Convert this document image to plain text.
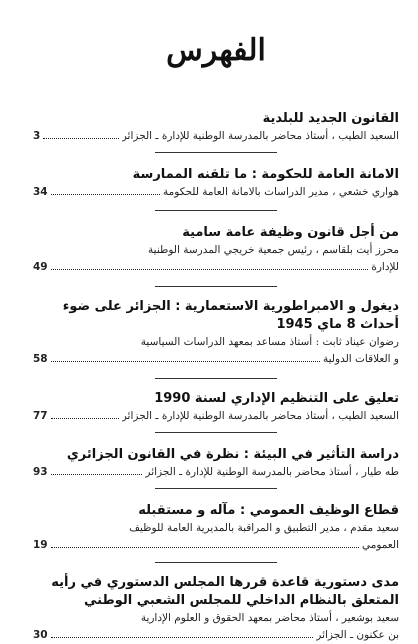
الفهرس
القانون الجديد للبلدية
السعيد الطيب ، أستاذ محاضر بالمدرسة الوطنية للإدارة ـ الجزائر
3
الامانة العامة للحكومة : ما تلقنه الممارسة
هواري خشعي ، مدير الدراسات بالامانة العامة للحكومة
34
من أجل قانون وظيفة عامة سامية
محرز أيت بلقاسم ، رئيس جمعية خريجي المدرسة الوطنية
للإدارة
49
ديغول و الامبراطورية الاستعمارية : الجزائر على ضوء
أحداث 8 ماي 1945
رضوان عيناد ثابت : أستاذ مساعد بمعهد الدراسات السياسية
و العلاقات الدولية
58
تعليق على التنظيم الإداري لسنة 1990
السعيد الطيب ، أستاذ محاضر بالمدرسة الوطنية للإدارة ـ الجزائر
77
دراسة التأثير في البيئة : نظرة في القانون الجزائري
طه طيار ، أستاذ محاضر بالمدرسة الوطنية للإدارة ـ الجزائر
93
قطاع الوظيف العمومي : مآله و مستقبله
سعيد مقدم ، مدير التطبيق و المراقبة بالمديرية العامة للوظيف
العمومي
19
مدى دستورية قاعدة قررها المجلس الدستوري في رأيه
المتعلق بالنظام الداخلي للمجلس الشعبي الوطني
سعيد بوشعير ، أستاذ محاضر بمعهد الحقوق و العلوم الإدارية
بن عكنون ـ الجزائر
30
